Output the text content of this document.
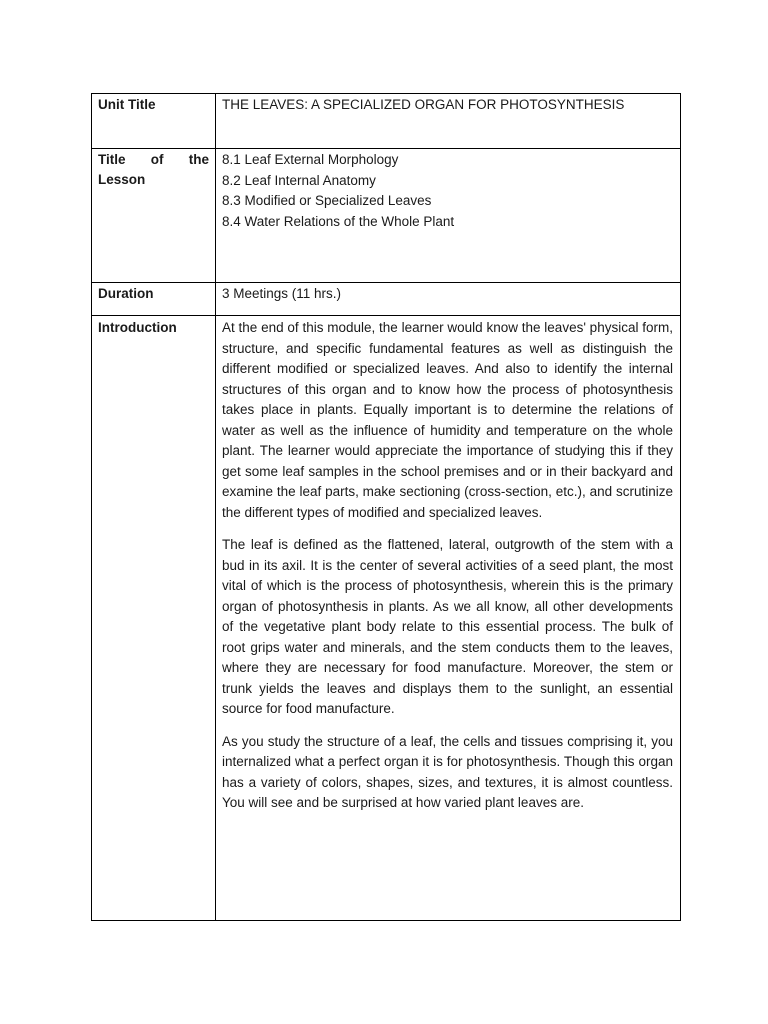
Unit Title	THE LEAVES: A SPECIALIZED ORGAN FOR PHOTOSYNTHESIS

Title of the Lesson	8.1 Leaf External Morphology

8.2 Leaf Internal Anatomy

8.3 Modified or Specialized Leaves

8.4 Water Relations of the Whole Plant

Duration	3 Meetings (11 hrs.)

Introduction	At the end of this module, the learner would know the leaves' physical form, structure, and specific fundamental features as well as distinguish the different modified or specialized leaves. And also to identify the internal structures of this organ and to know how the process of photosynthesis takes place in plants. Equally important is to determine the relations of water as well as the influence of humidity and temperature on the whole plant. The learner would appreciate the importance of studying this if they get some leaf samples in the school premises and or in their backyard and examine the leaf parts, make sectioning (cross-section, etc.), and scrutinize the different types of modified and specialized leaves.

The leaf is defined as the flattened, lateral, outgrowth of the stem with a bud in its axil. It is the center of several activities of a seed plant, the most vital of which is the process of photosynthesis, wherein this is the primary organ of photosynthesis in plants. As we all know, all other developments of the vegetative plant body relate to this essential process. The bulk of root grips water and minerals, and the stem conducts them to the leaves, where they are necessary for food manufacture. Moreover, the stem or trunk yields the leaves and displays them to the sunlight, an essential source for food manufacture.

As you study the structure of a leaf, the cells and tissues comprising it, you internalized what a perfect organ it is for photosynthesis. Though this organ has a variety of colors, shapes, sizes, and textures, it is almost countless. You will see and be surprised at how varied plant leaves are.
